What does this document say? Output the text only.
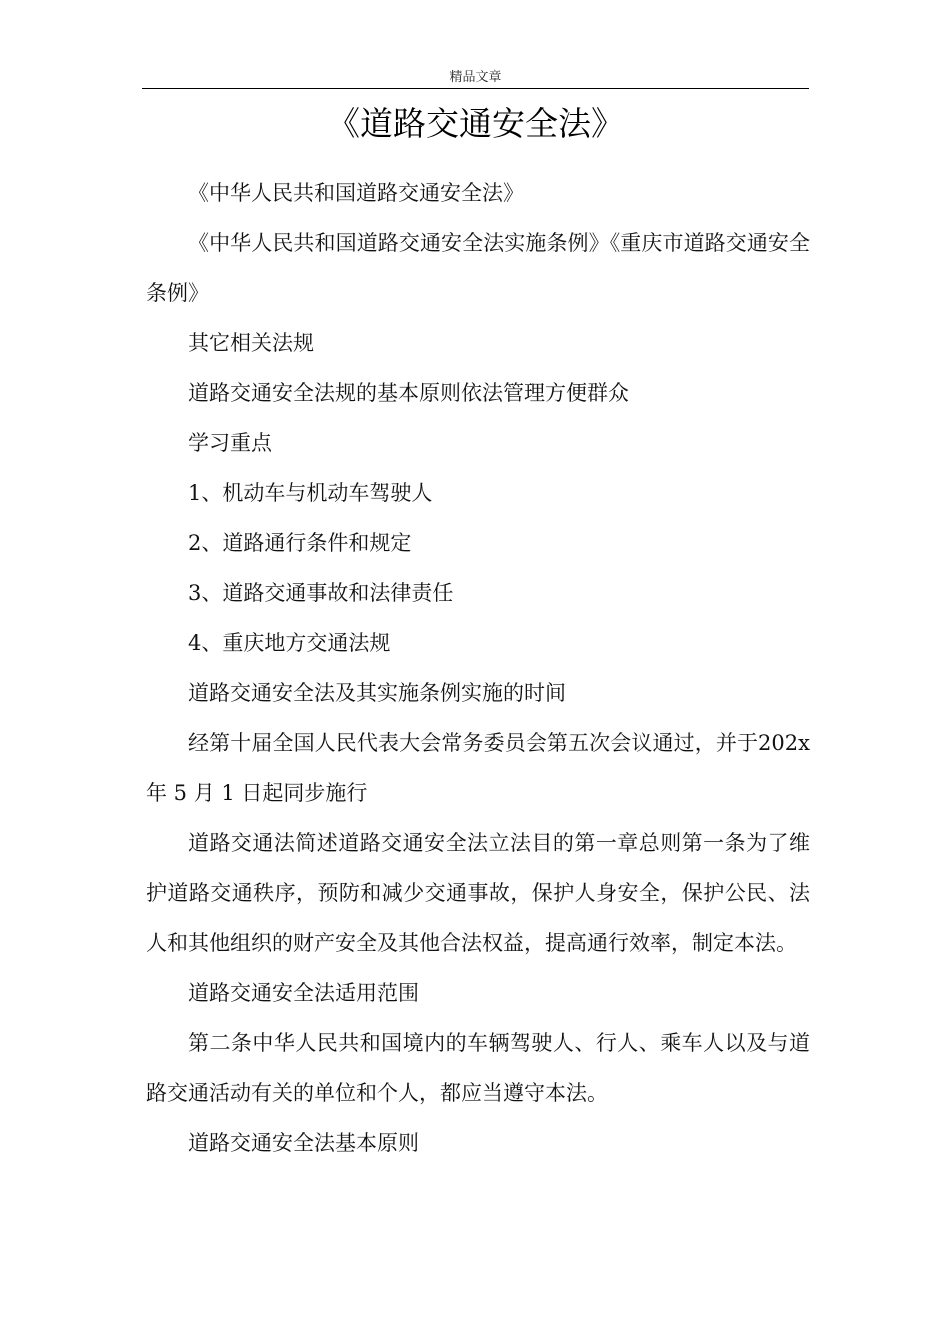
精品文章
《道路交通安全法》

《中华人民共和国道路交通安全法》

《中华人民共和国道路交通安全法实施条例》《重庆市道路交通安全条例》

其它相关法规

道路交通安全法规的基本原则依法管理方便群众

学习重点

1、机动车与机动车驾驶人

2、道路通行条件和规定

3、道路交通事故和法律责任

4、重庆地方交通法规

道路交通安全法及其实施条例实施的时间

经第十届全国人民代表大会常务委员会第五次会议通过，并于202x 年 5 月 1 日起同步施行

道路交通法简述道路交通安全法立法目的第一章总则第一条为了维护道路交通秩序，预防和减少交通事故，保护人身安全，保护公民、法人和其他组织的财产安全及其他合法权益，提高通行效率，制定本法。

道路交通安全法适用范围

第二条中华人民共和国境内的车辆驾驶人、行人、乘车人以及与道路交通活动有关的单位和个人，都应当遵守本法。

道路交通安全法基本原则
